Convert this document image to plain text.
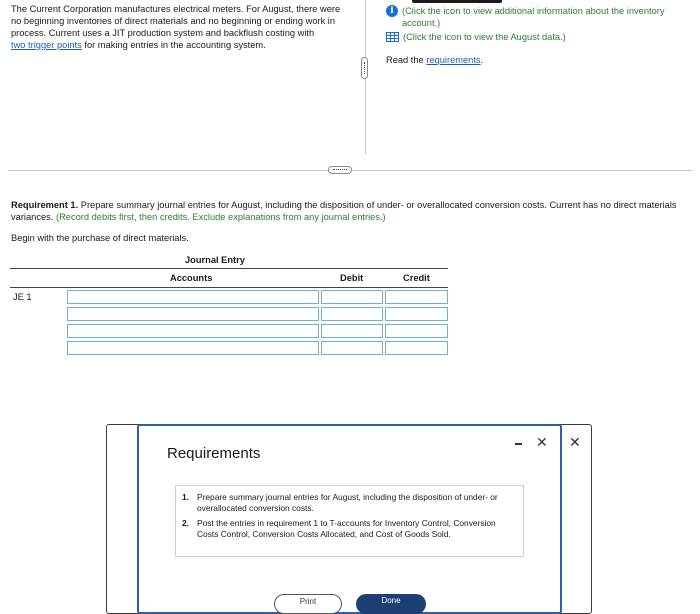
The Current Corporation manufactures electrical meters. For August, there were no beginning inventories of direct materials and no beginning or ending work in process. Current uses a JIT production system and backflush costing with
two trigger points for making entries in the accounting system.

i (Click the icon to view additional information about the inventory account.)
(Click the icon to view the August data.)
Read the requirements.
Requirement 1. Prepare summary journal entries for August, including the disposition of under- or overallocated conversion costs. Current has no direct materials variances. (Record debits first, then credits. Exclude explanations from any journal entries.)
Begin with the purchase of direct materials.
Journal Entry
Accounts	Debit	Credit
JE 1
✕
Requirements
✕
1. Prepare summary journal entries for August, including the disposition of under- or overallocated conversion costs.
2. Post the entries in requirement 1 to T-accounts for Inventory Control, Conversion Costs Control, Conversion Costs Allocated, and Cost of Goods Sold.
Print	Done
